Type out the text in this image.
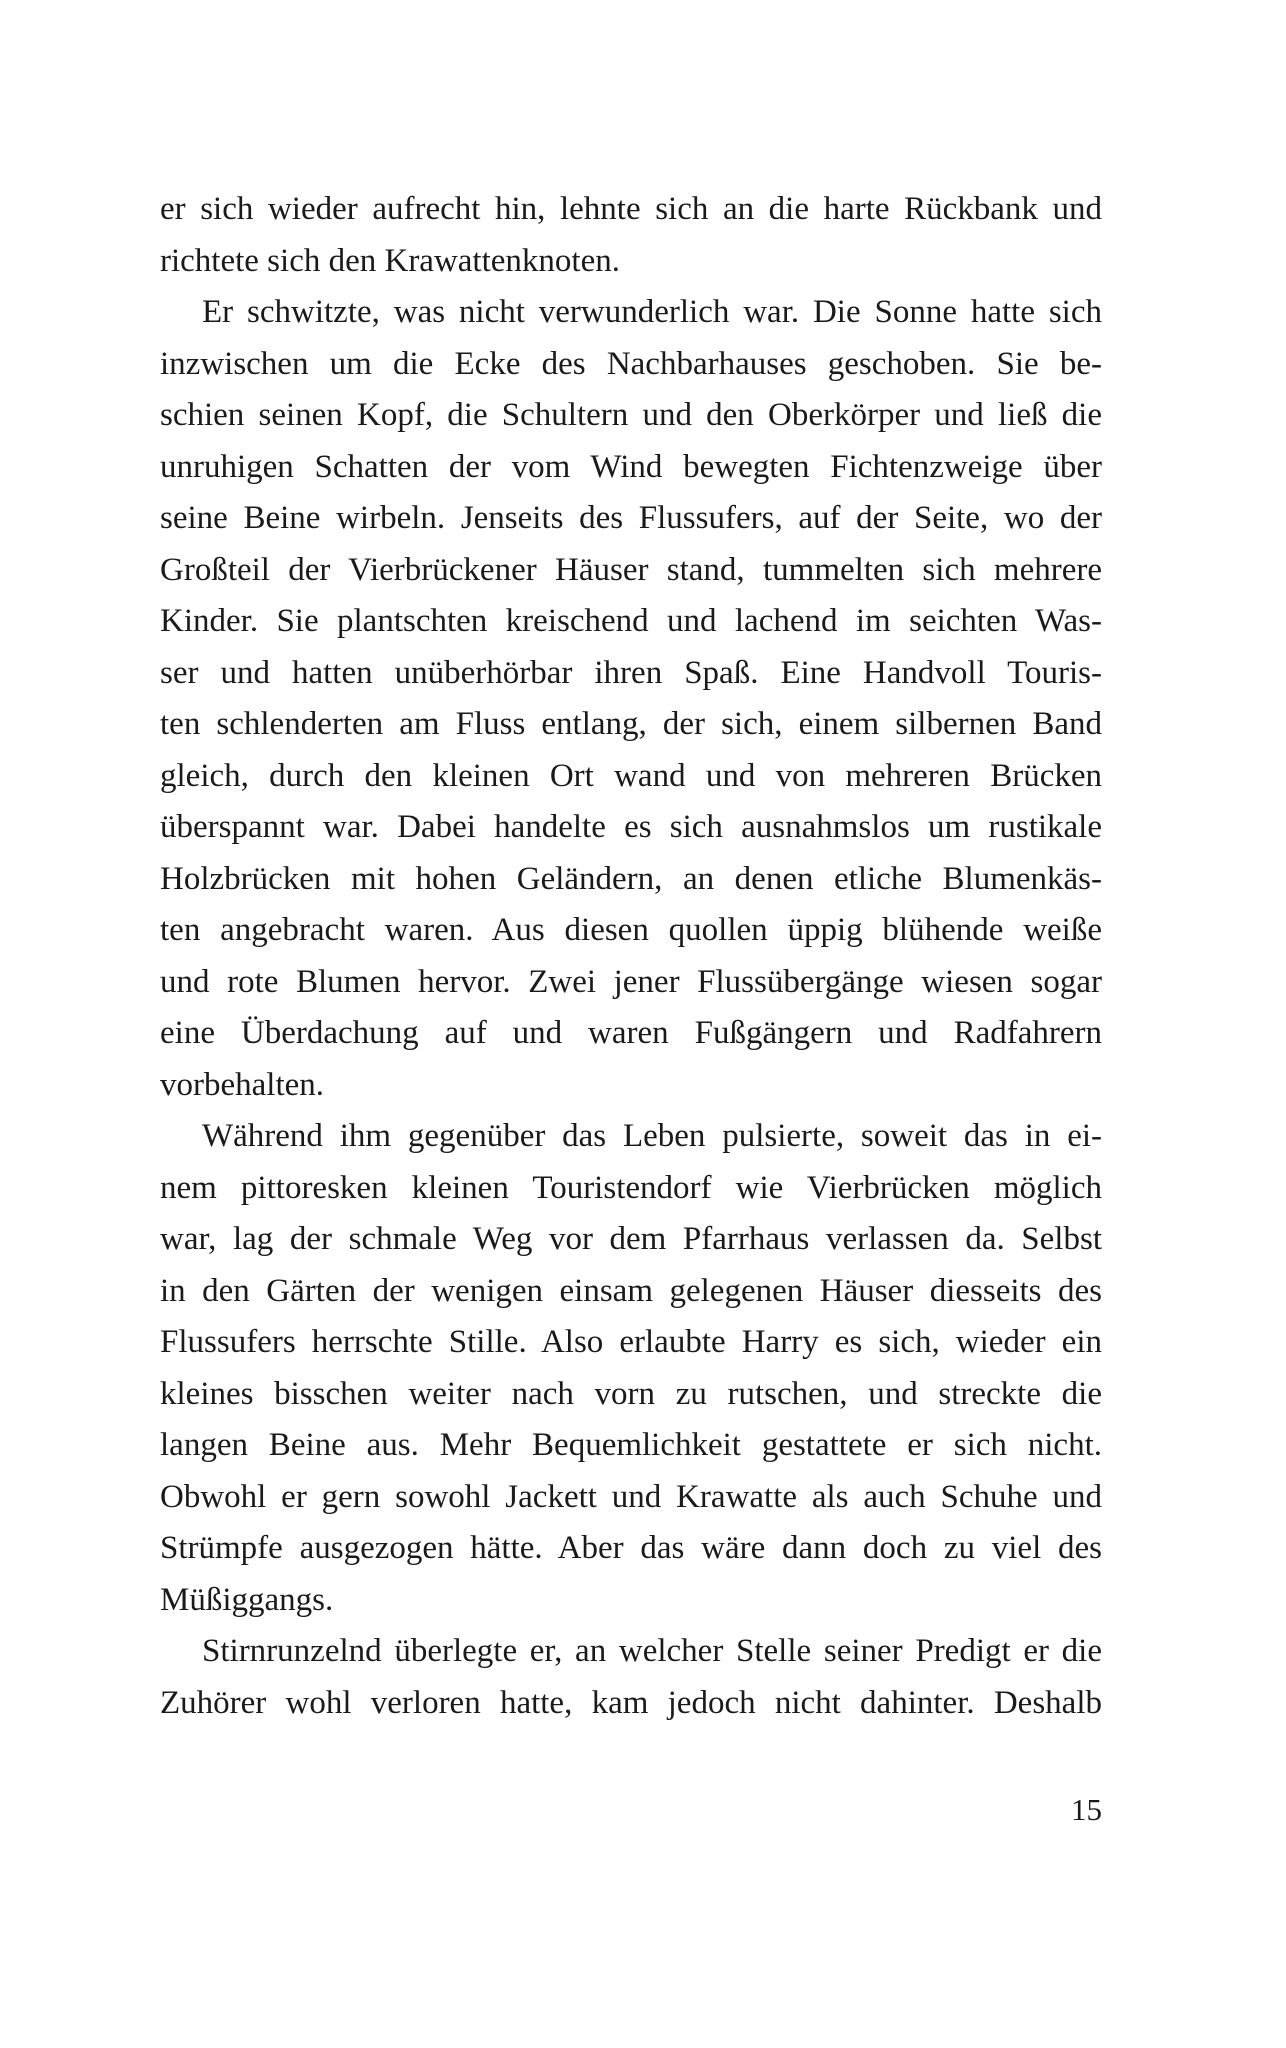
er sich wieder aufrecht hin, lehnte sich an die harte Rückbank und
richtete sich den Krawattenknoten.
Er schwitzte, was nicht verwunderlich war. Die Sonne hatte sich
inzwischen um die Ecke des Nachbarhauses geschoben. Sie be-
schien seinen Kopf, die Schultern und den Oberkörper und ließ die
unruhigen Schatten der vom Wind bewegten Fichtenzweige über
seine Beine wirbeln. Jenseits des Flussufers, auf der Seite, wo der
Großteil der Vierbrückener Häuser stand, tummelten sich mehrere
Kinder. Sie plantschten kreischend und lachend im seichten Was-
ser und hatten unüberhörbar ihren Spaß. Eine Handvoll Touris-
ten schlenderten am Fluss entlang, der sich, einem silbernen Band
gleich, durch den kleinen Ort wand und von mehreren Brücken
überspannt war. Dabei handelte es sich ausnahmslos um rustikale
Holzbrücken mit hohen Geländern, an denen etliche Blumenkäs-
ten angebracht waren. Aus diesen quollen üppig blühende weiße
und rote Blumen hervor. Zwei jener Flussübergänge wiesen sogar
eine Überdachung auf und waren Fußgängern und Radfahrern
vorbehalten.
Während ihm gegenüber das Leben pulsierte, soweit das in ei-
nem pittoresken kleinen Touristendorf wie Vierbrücken möglich
war, lag der schmale Weg vor dem Pfarrhaus verlassen da. Selbst
in den Gärten der wenigen einsam gelegenen Häuser diesseits des
Flussufers herrschte Stille. Also erlaubte Harry es sich, wieder ein
kleines bisschen weiter nach vorn zu rutschen, und streckte die
langen Beine aus. Mehr Bequemlichkeit gestattete er sich nicht.
Obwohl er gern sowohl Jackett und Krawatte als auch Schuhe und
Strümpfe ausgezogen hätte. Aber das wäre dann doch zu viel des
Müßiggangs.
Stirnrunzelnd überlegte er, an welcher Stelle seiner Predigt er die
Zuhörer wohl verloren hatte, kam jedoch nicht dahinter. Deshalb
15
